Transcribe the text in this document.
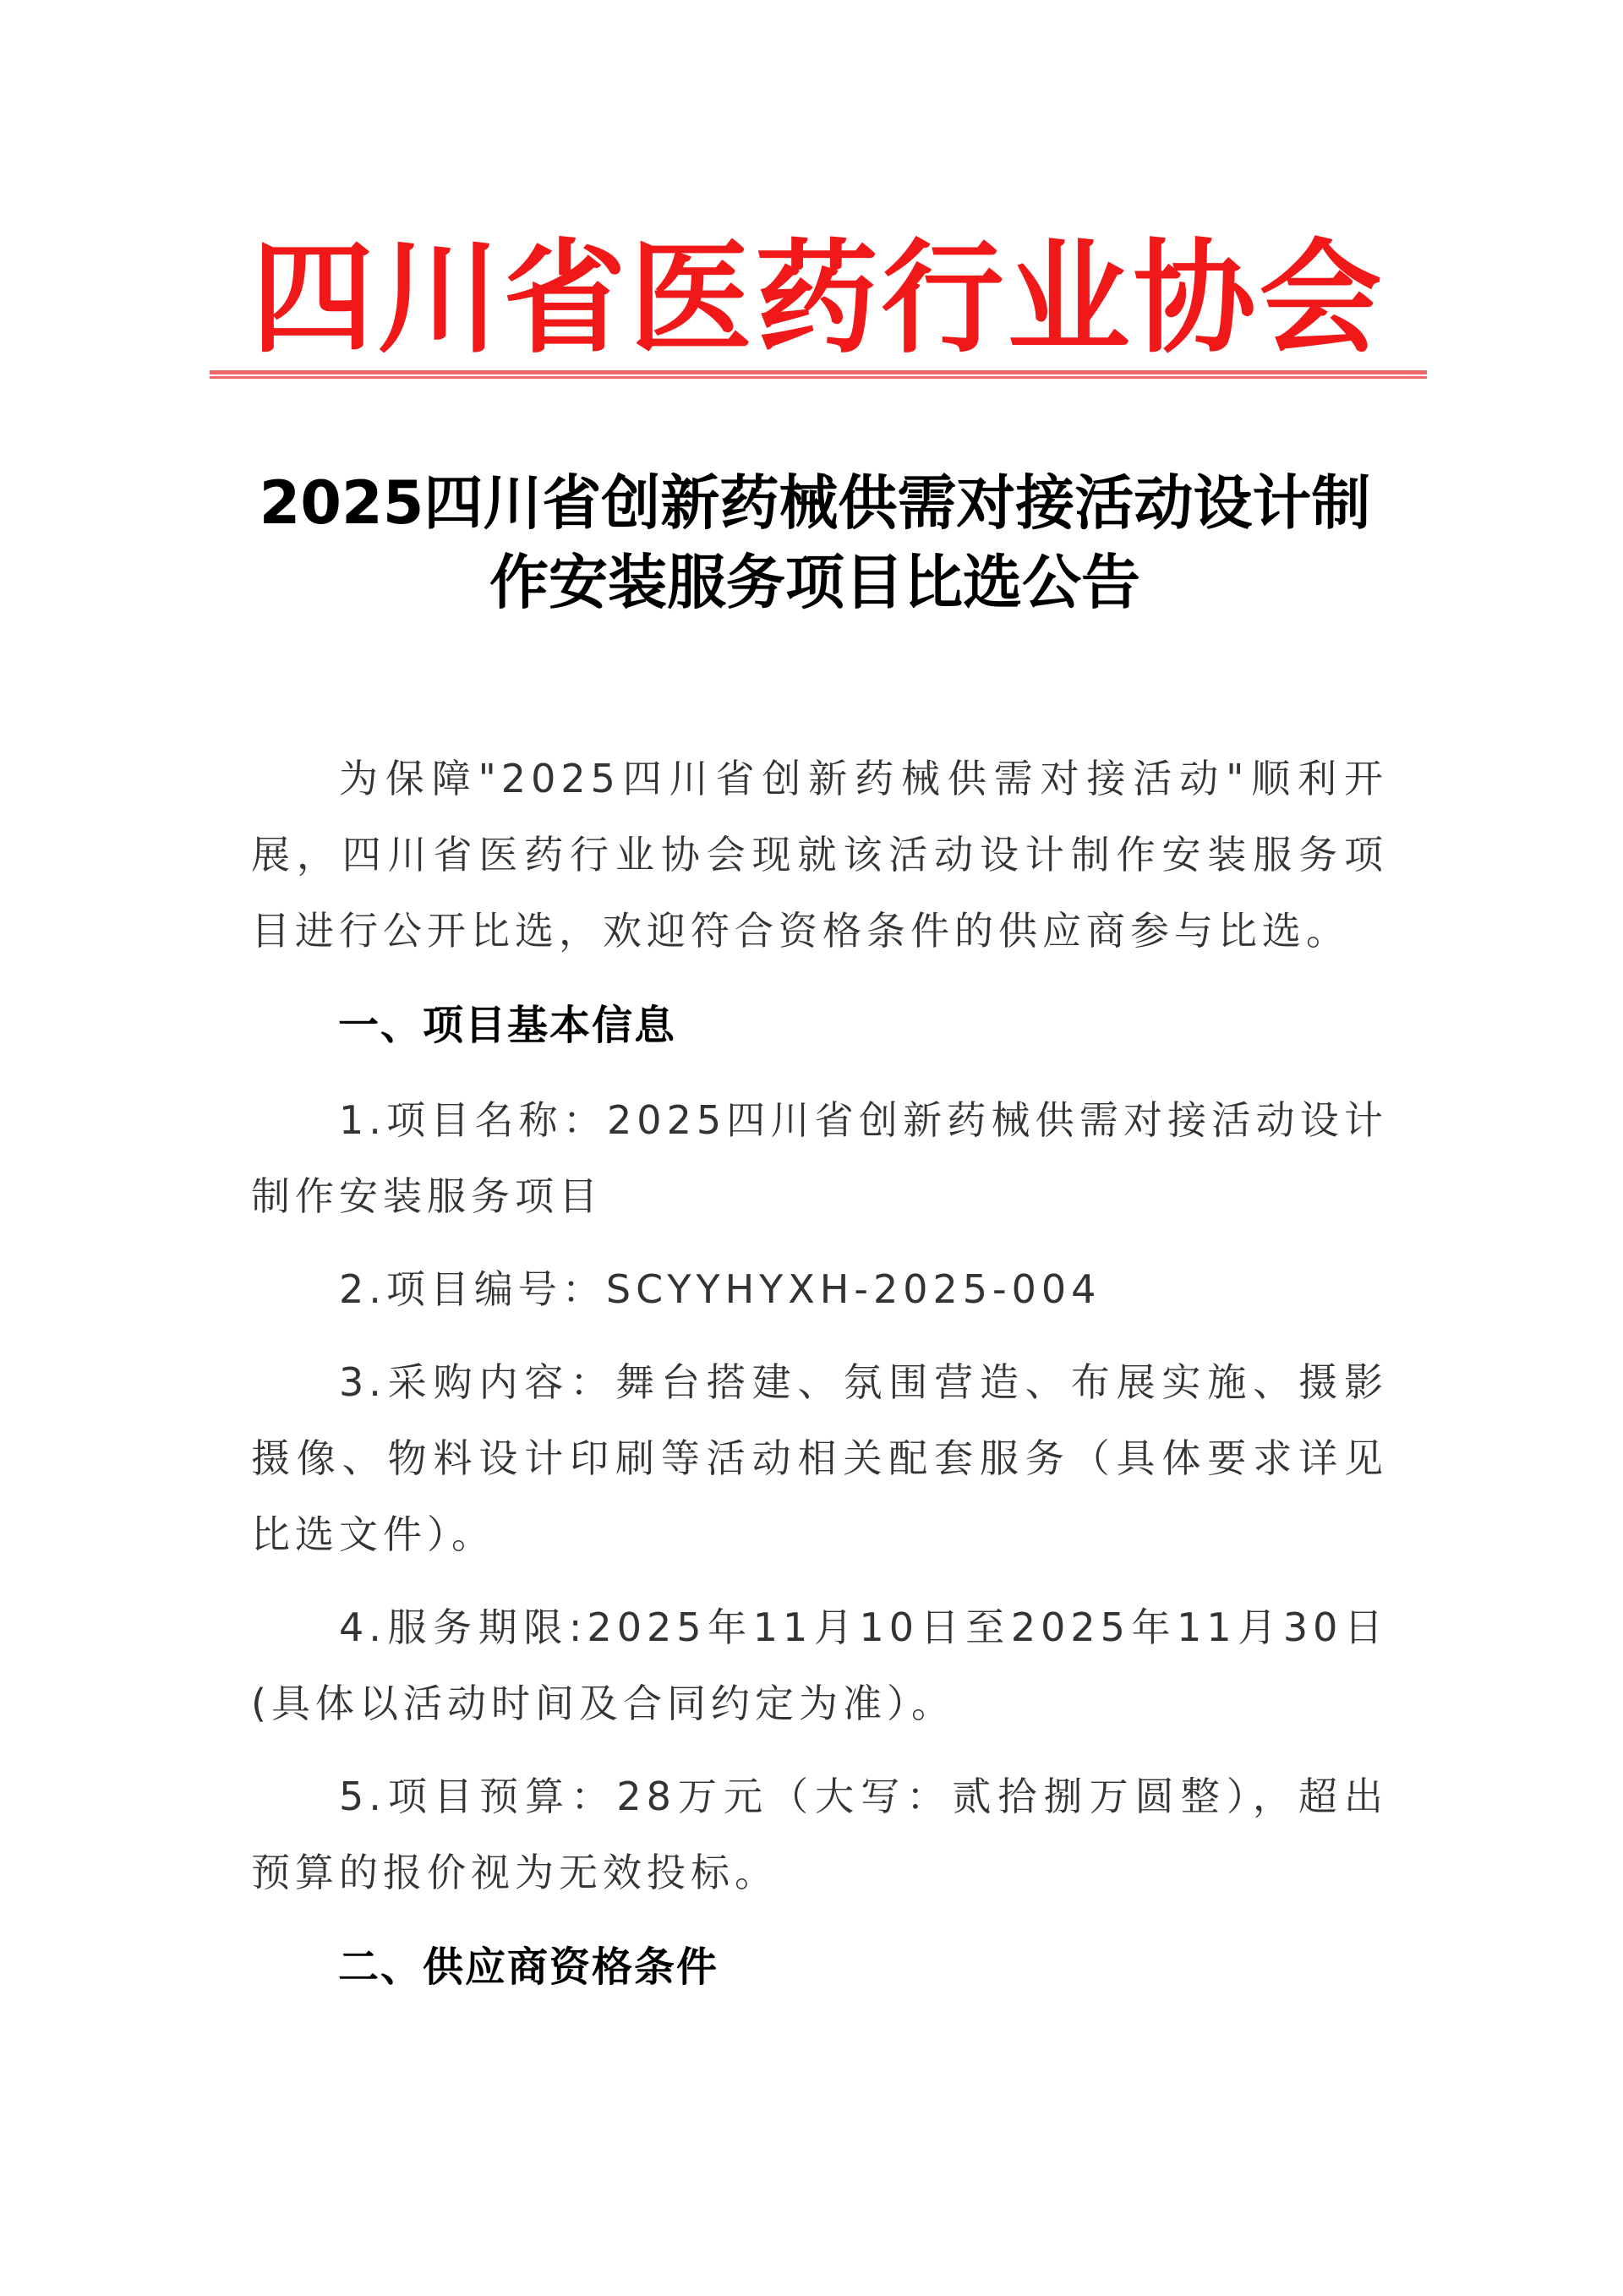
四川省医药行业协会
2025四川省创新药械供需对接活动设计制
作安装服务项目比选公告
为保障"2025四川省创新药械供需对接活动"顺利开展，四川省医药行业协会现就该活动设计制作安装服务项目进行公开比选，欢迎符合资格条件的供应商参与比选。
一、项目基本信息
1.项目名称：2025四川省创新药械供需对接活动设计制作安装服务项目
2.项目编号：SCYYHYXH-2025-004
3.采购内容：舞台搭建、氛围营造、布展实施、摄影摄像、物料设计印刷等活动相关配套服务（具体要求详见比选文件）。
4.服务期限:2025年11月10日至2025年11月30日(具体以活动时间及合同约定为准）。
5.项目预算：28万元（大写：贰拾捌万圆整），超出预算的报价视为无效投标。
二、供应商资格条件
